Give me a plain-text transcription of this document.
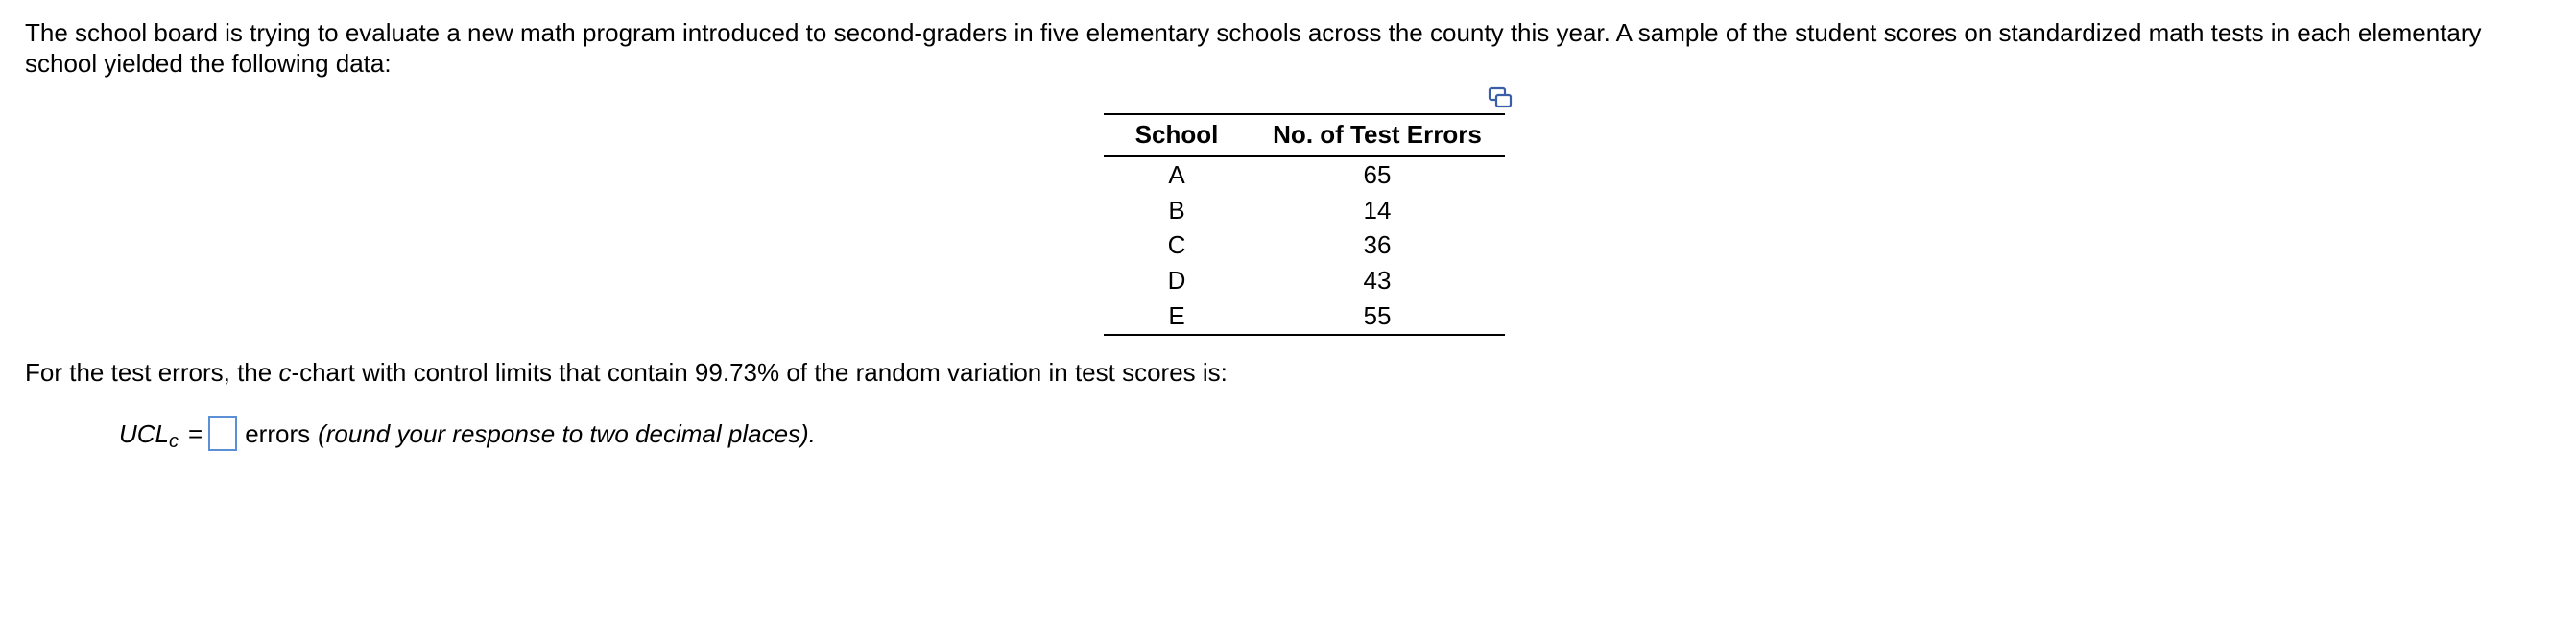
The school board is trying to evaluate a new math program introduced to second-graders in five elementary schools across the county this year. A sample of the student scores on standardized math tests in each elementary school yielded the following data:

School	No. of Test Errors
A	65
B	14
C	36
D	43
E	55

For the test errors, the c-chart with control limits that contain 99.73% of the random variation in test scores is:

UCL c = errors (round your response to two decimal places).
